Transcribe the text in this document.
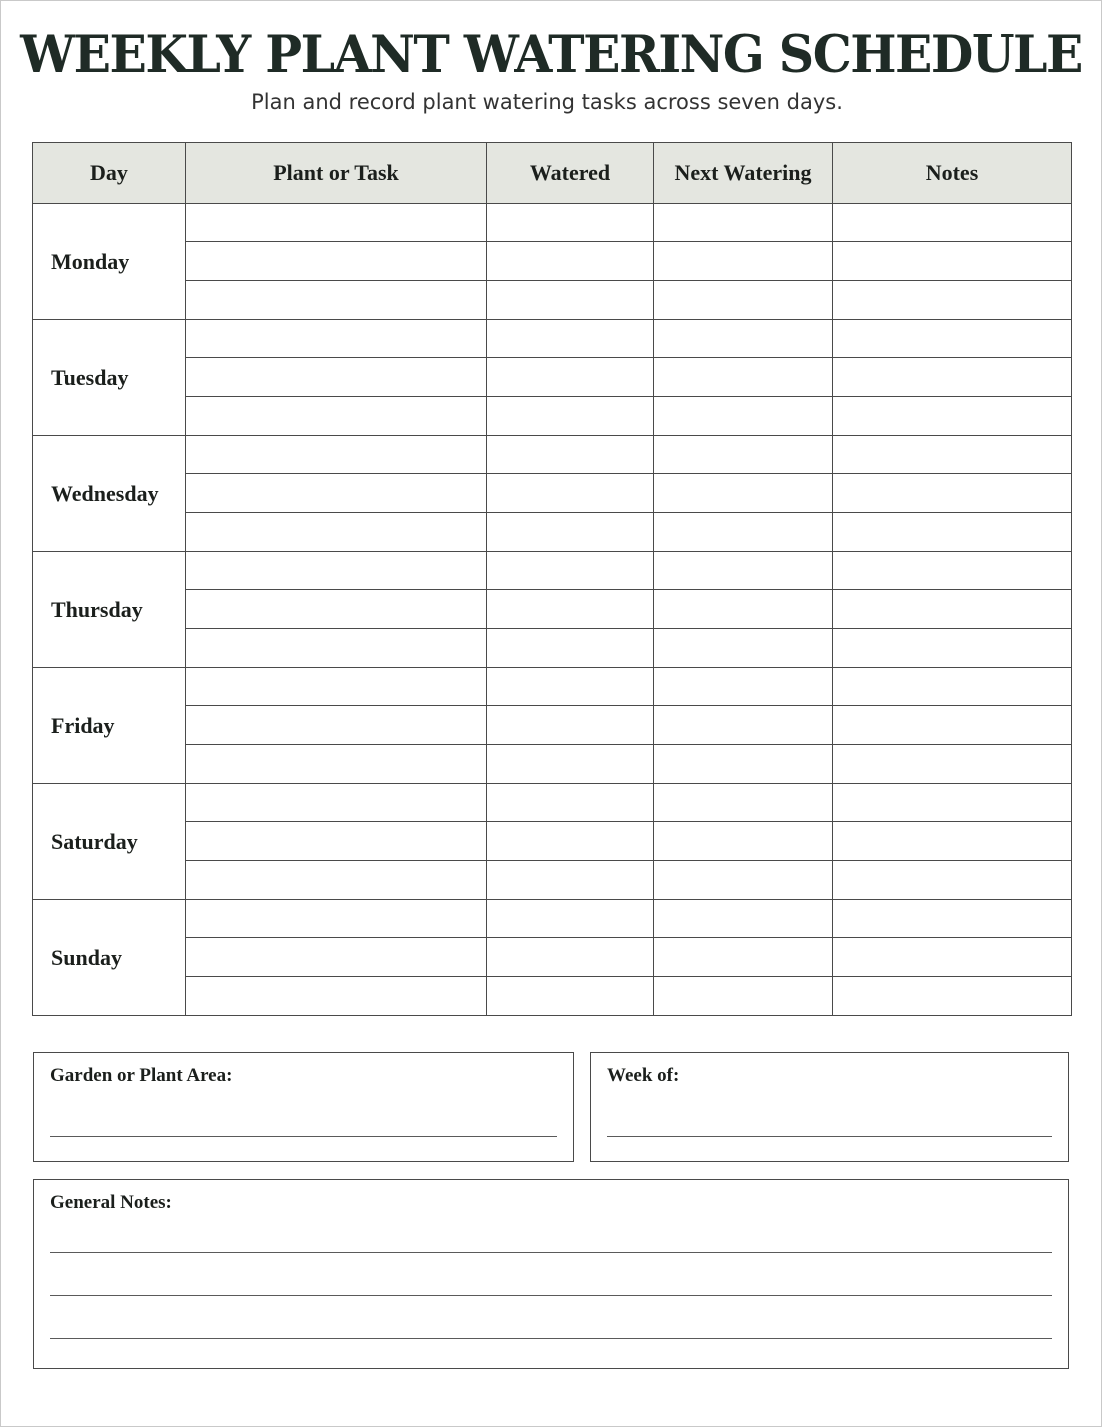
WEEKLY PLANT WATERING SCHEDULE
Plan and record plant watering tasks across seven days.
Day	Plant or Task	Watered	Next Watering	Notes
Monday				

Tuesday				

Wednesday				

Thursday				

Friday				

Saturday				

Sunday				

Garden or Plant Area:	Week of:
General Notes:
